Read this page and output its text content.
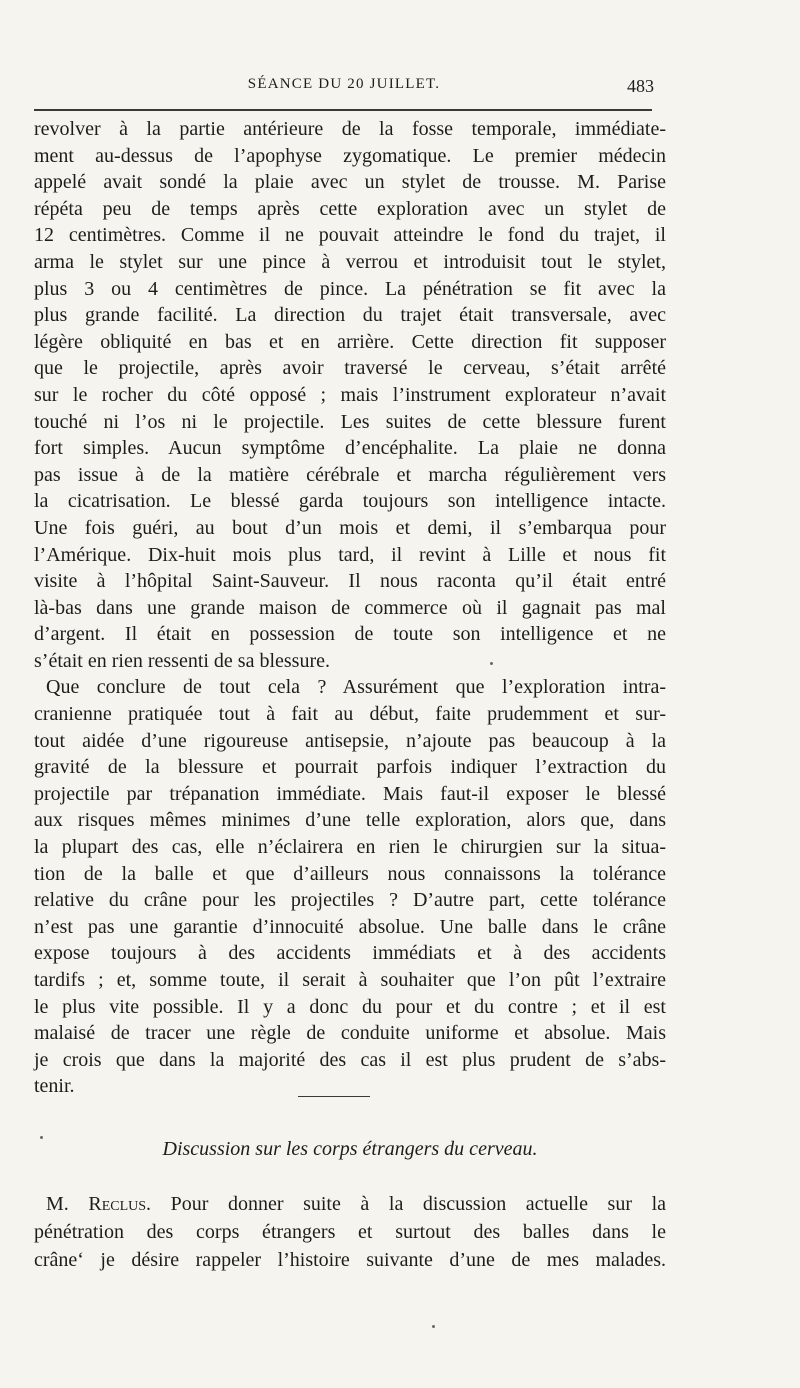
SÉANCE DU 20 JUILLET.	483
revolver à la partie antérieure de la fosse temporale, immédiate-
ment au-dessus de l’apophyse zygomatique. Le premier médecin
appelé avait sondé la plaie avec un stylet de trousse. M. Parise
répéta peu de temps après cette exploration avec un stylet de
12 centimètres. Comme il ne pouvait atteindre le fond du trajet, il
arma le stylet sur une pince à verrou et introduisit tout le stylet,
plus 3 ou 4 centimètres de pince. La pénétration se fit avec la
plus grande facilité. La direction du trajet était transversale, avec
légère obliquité en bas et en arrière. Cette direction fit supposer
que le projectile, après avoir traversé le cerveau, s’était arrêté
sur le rocher du côté opposé ; mais l’instrument explorateur n’avait
touché ni l’os ni le projectile. Les suites de cette blessure furent
fort simples. Aucun symptôme d’encéphalite. La plaie ne donna
pas issue à de la matière cérébrale et marcha régulièrement vers
la cicatrisation. Le blessé garda toujours son intelligence intacte.
Une fois guéri, au bout d’un mois et demi, il s’embarqua pour
l’Amérique. Dix-huit mois plus tard, il revint à Lille et nous fit
visite à l’hôpital Saint-Sauveur. Il nous raconta qu’il était entré
là-bas dans une grande maison de commerce où il gagnait pas mal
d’argent. Il était en possession de toute son intelligence et ne
s’était en rien ressenti de sa blessure.
Que conclure de tout cela ? Assurément que l’exploration intra-
cranienne pratiquée tout à fait au début, faite prudemment et sur-
tout aidée d’une rigoureuse antisepsie, n’ajoute pas beaucoup à la
gravité de la blessure et pourrait parfois indiquer l’extraction du
projectile par trépanation immédiate. Mais faut-il exposer le blessé
aux risques mêmes minimes d’une telle exploration, alors que, dans
la plupart des cas, elle n’éclairera en rien le chirurgien sur la situa-
tion de la balle et que d’ailleurs nous connaissons la tolérance
relative du crâne pour les projectiles ? D’autre part, cette tolérance
n’est pas une garantie d’innocuité absolue. Une balle dans le crâne
expose toujours à des accidents immédiats et à des accidents
tardifs ; et, somme toute, il serait à souhaiter que l’on pût l’extraire
le plus vite possible. Il y a donc du pour et du contre ; et il est
malaisé de tracer une règle de conduite uniforme et absolue. Mais
je crois que dans la majorité des cas il est plus prudent de s’abs-
tenir.
Discussion sur les corps étrangers du cerveau.
M. Reclus. Pour donner suite à la discussion actuelle sur la
pénétration des corps étrangers et surtout des balles dans le
crâne‘ je désire rappeler l’histoire suivante d’une de mes malades.
